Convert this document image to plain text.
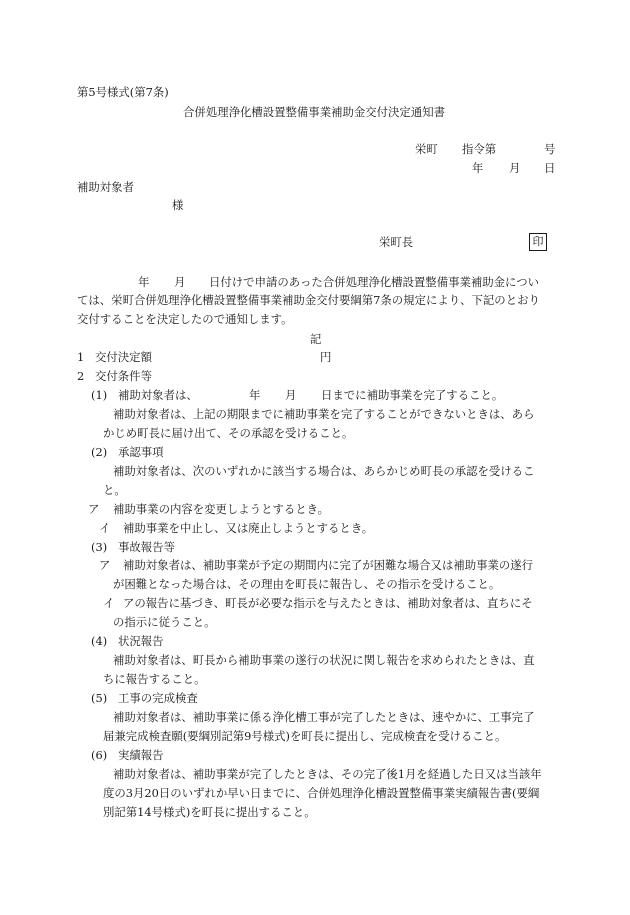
第5号様式(第7条)
合併処理浄化槽設置整備事業補助金交付決定通知書
栄町 指令第	号
年 月 日
補助対象者
様
栄町長	印
年 月 日付けで申請のあった合併処理浄化槽設置整備事業補助金につい
ては、栄町合併処理浄化槽設置整備事業補助金交付要綱第7条の規定により、下記のとおり
交付することを決定したので通知します。
記
1 交付決定額	円
2 交付条件等
(1) 補助対象者は、	年 月 日までに補助事業を完了すること。
補助対象者は、上記の期限までに補助事業を完了することができないときは、あら
かじめ町長に届け出て、その承認を受けること。
(2) 承認事項
補助対象者は、次のいずれかに該当する場合は、あらかじめ町長の承認を受けるこ
と。
ア 補助事業の内容を変更しようとするとき。
イ 補助事業を中止し、又は廃止しようとするとき。
(3) 事故報告等
ア 補助対象者は、補助事業が予定の期間内に完了が困難な場合又は補助事業の遂行
が困難となった場合は、その理由を町長に報告し、その指示を受けること。
イ アの報告に基づき、町長が必要な指示を与えたときは、補助対象者は、直ちにそ
の指示に従うこと。
(4) 状況報告
補助対象者は、町長から補助事業の遂行の状況に関し報告を求められたときは、直
ちに報告すること。
(5) 工事の完成検査
補助対象者は、補助事業に係る浄化槽工事が完了したときは、速やかに、工事完了
届兼完成検査願(要綱別記第9号様式)を町長に提出し、完成検査を受けること。
(6) 実績報告
補助対象者は、補助事業が完了したときは、その完了後1月を経過した日又は当該年
度の3月20日のいずれか早い日までに、合併処理浄化槽設置整備事業実績報告書(要綱
別記第14号様式)を町長に提出すること。
